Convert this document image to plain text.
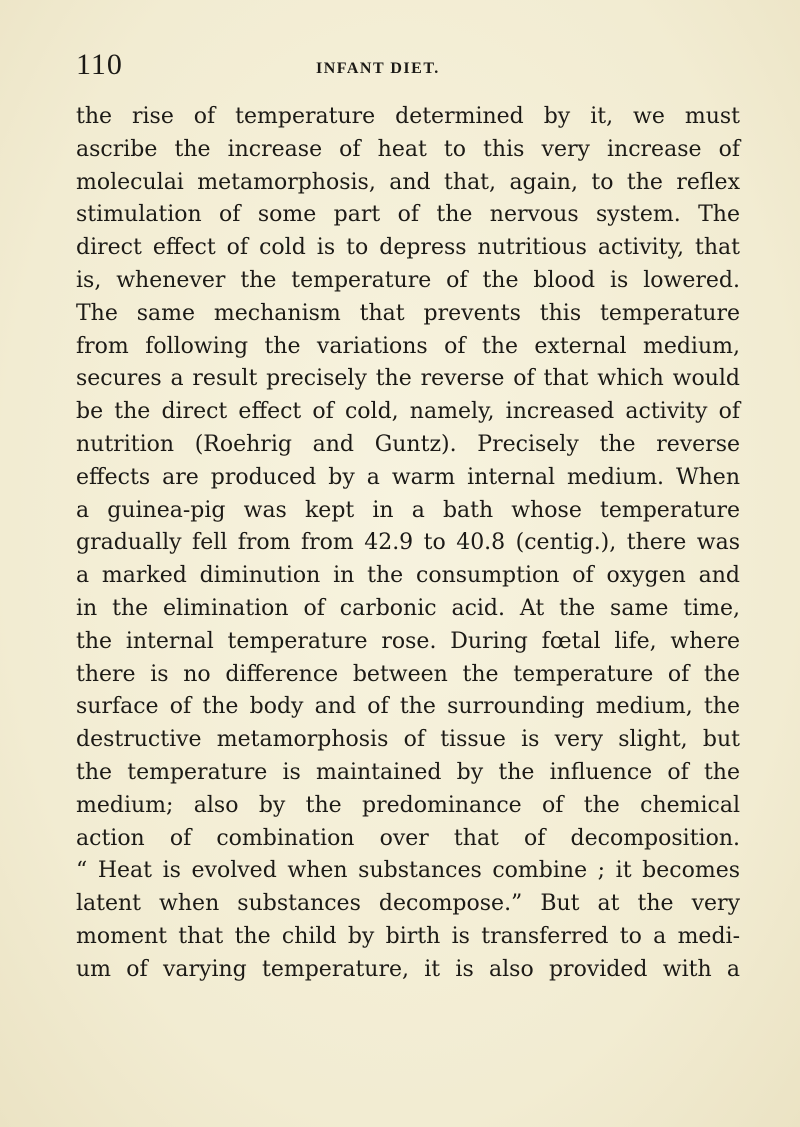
110	INFANT DIET.
the rise of temperature determined by it, we must
ascribe the increase of heat to this very increase of
moleculai metamorphosis, and that, again, to the reflex
stimulation of some part of the nervous system. The
direct effect of cold is to depress nutritious activity, that
is, whenever the temperature of the blood is lowered.
The same mechanism that prevents this temperature
from following the variations of the external medium,
secures a result precisely the reverse of that which would
be the direct effect of cold, namely, increased activity of
nutrition (Roehrig and Guntz). Precisely the reverse
effects are produced by a warm internal medium. When
a guinea-pig was kept in a bath whose temperature
gradually fell from from 42.9 to 40.8 (centig.), there was
a marked diminution in the consumption of oxygen and
in the elimination of carbonic acid. At the same time,
the internal temperature rose. During fœtal life, where
there is no difference between the temperature of the
surface of the body and of the surrounding medium, the
destructive metamorphosis of tissue is very slight, but
the temperature is maintained by the influence of the
medium; also by the predominance of the chemical
action of combination over that of decomposition.
“ Heat is evolved when substances combine ; it becomes
latent when substances decompose.” But at the very
moment that the child by birth is transferred to a medi-
um of varying temperature, it is also provided with a
